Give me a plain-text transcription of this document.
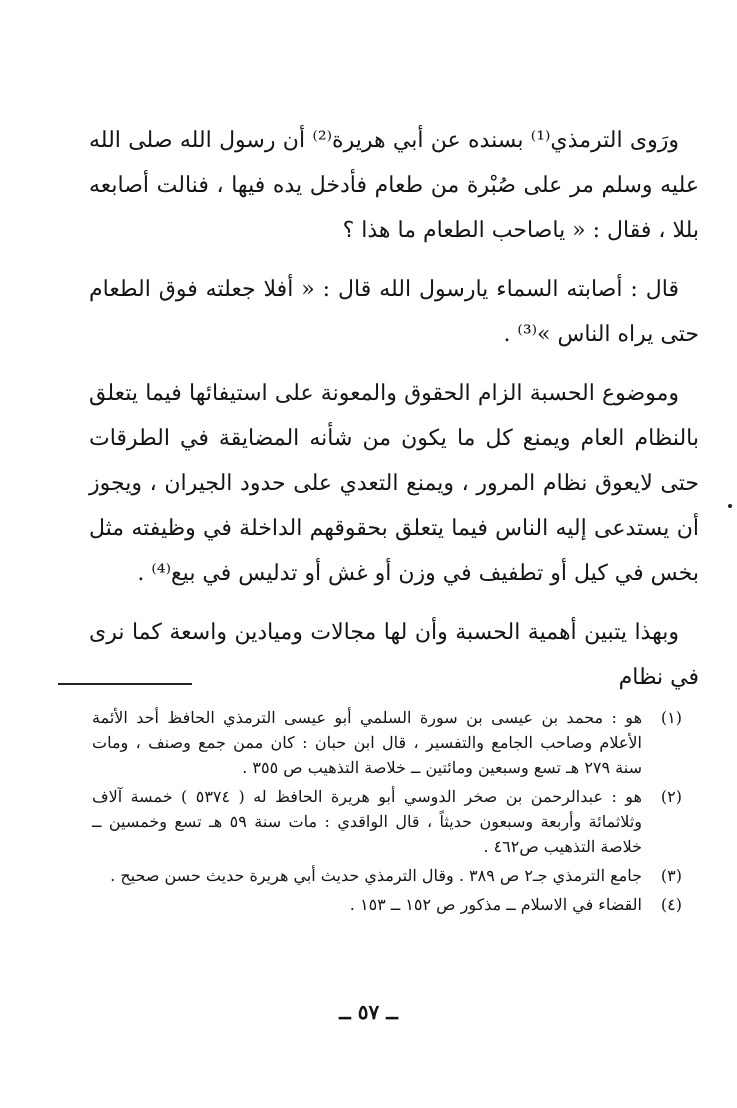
ورَوى الترمذي⁽¹⁾ بسنده عن أبي هريرة⁽²⁾ أن رسول الله صلى الله عليه وسلم مر على صُبْرة من طعام فأدخل يده فيها ، فنالت أصابعه بللا ، فقال : « ياصاحب الطعام ما هذا ؟

قال : أصابته السماء يارسول الله قال : « أفلا جعلته فوق الطعام حتى يراه الناس »⁽³⁾ .

وموضوع الحسبة الزام الحقوق والمعونة على استيفائها فيما يتعلق بالنظام العام ويمنع كل ما يكون من شأنه المضايقة في الطرقات حتى لايعوق نظام المرور ، ويمنع التعدي على حدود الجيران ، ويجوز أن يستدعى إليه الناس فيما يتعلق بحقوقهم الداخلة في وظيفته مثل بخس في كيل أو تطفيف في وزن أو غش أو تدليس في بيع⁽⁴⁾ .

وبهذا يتبين أهمية الحسبة وأن لها مجالات وميادين واسعة كما نرى في نظام

(١)
هو : محمد بن عيسى بن سورة السلمي أبو عيسى الترمذي الحافظ أحد الأئمة الأعلام وصاحب الجامع والتفسير ، قال ابن حبان : كان ممن جمع وصنف ، ومات سنة ٢٧٩ هـ تسع وسبعين ومائتين ــ خلاصة التذهيب ص ٣٥٥ .
(٢)
هو : عبدالرحمن بن صخر الدوسي أبو هريرة الحافظ له ( ٥٣٧٤ ) خمسة آلاف وثلاثمائة وأربعة وسبعون حديثاً ، قال الواقدي : مات سنة ٥٩ هـ تسع وخمسين ــ خلاصة التذهيب ص٤٦٢ .
(٣)
جامع الترمذي جـ٢ ص ٣٨٩ . وقال الترمذي حديث أبي هريرة حديث حسن صحيح .
(٤)
القضاء في الاسلام ــ مذكور ص ١٥٢ ــ ١٥٣ .
ــ ٥٧ ــ
